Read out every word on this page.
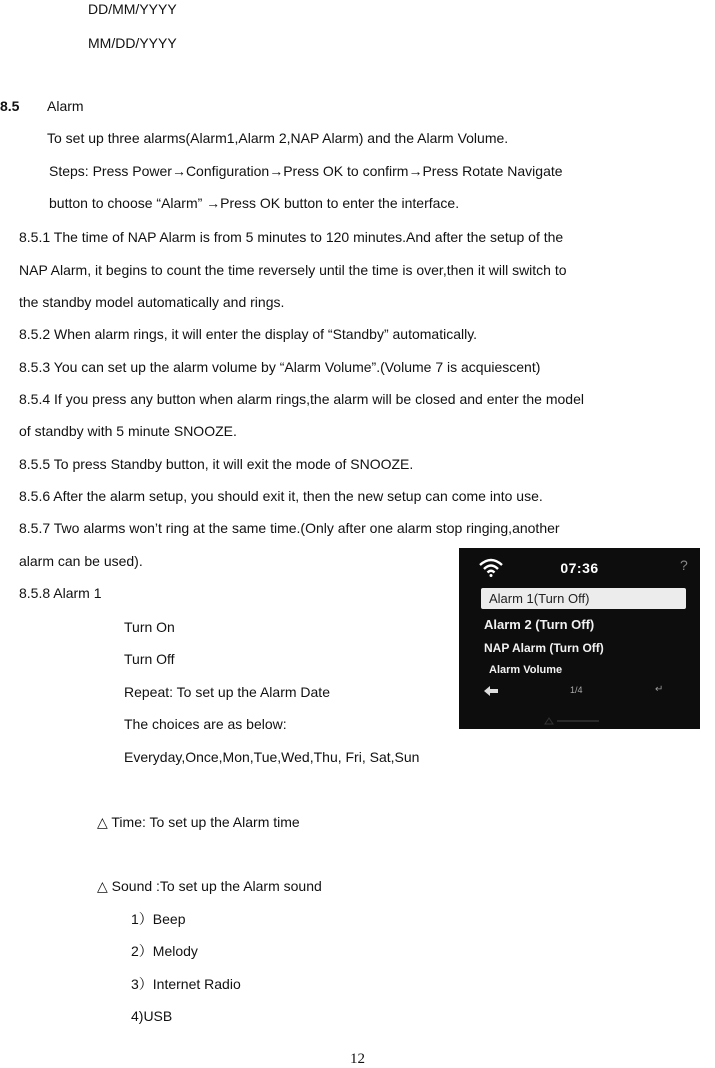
DD/MM/YYYY
MM/DD/YYYY
8.5 Alarm
To set up three alarms(Alarm1,Alarm 2,NAP Alarm) and the Alarm Volume.
Steps: Press Power→Configuration→Press OK to confirm→Press Rotate Navigate
button to choose “Alarm” →Press OK button to enter the interface.
8.5.1 The time of NAP Alarm is from 5 minutes to 120 minutes.And after the setup of the
NAP Alarm, it begins to count the time reversely until the time is over,then it will switch to
the standby model automatically and rings.
8.5.2 When alarm rings, it will enter the display of “Standby” automatically.
8.5.3 You can set up the alarm volume by “Alarm Volume”.(Volume 7 is acquiescent)
8.5.4 If you press any button when alarm rings,the alarm will be closed and enter the model
of standby with 5 minute SNOOZE.
8.5.5 To press Standby button, it will exit the mode of SNOOZE.
8.5.6 After the alarm setup, you should exit it, then the new setup can come into use.
8.5.7 Two alarms won’t ring at the same time.(Only after one alarm stop ringing,another
alarm can be used).
8.5.8 Alarm 1
Turn On
Turn Off
Repeat: To set up the Alarm Date
The choices are as below:
Everyday,Once,Mon,Tue,Wed,Thu, Fri, Sat,Sun
△ Time: To set up the Alarm time
△ Sound :To set up the Alarm sound
1）Beep
2）Melody
3）Internet Radio
4)USB
07:36	?
Alarm 1(Turn Off)
Alarm 2 (Turn Off)
NAP Alarm (Turn Off)
Alarm Volume
1/4	↵
12
